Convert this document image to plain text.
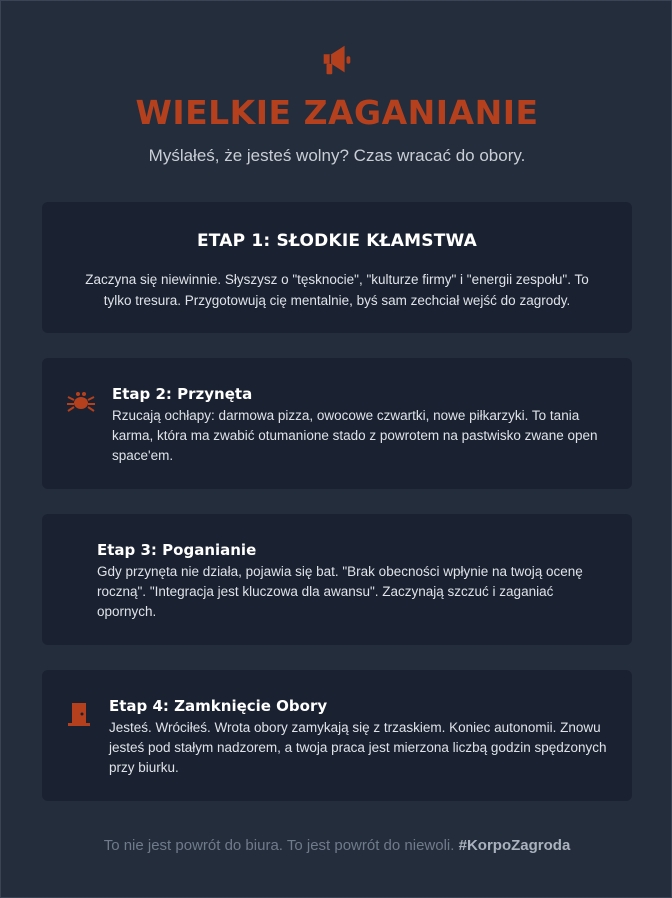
WIELKIE ZAGANIANIE
Myślałeś, że jesteś wolny? Czas wracać do obory.
ETAP 1: SŁODKIE KŁAMSTWA
Zaczyna się niewinnie. Słyszysz o "tęsknocie", "kulturze firmy" i "energii zespołu". To tylko tresura. Przygotowują cię mentalnie, byś sam zechciał wejść do zagrody.
Etap 2: Przynęta
Rzucają ochłapy: darmowa pizza, owocowe czwartki, nowe piłkarzyki. To tania karma, która ma zwabić otumanione stado z powrotem na pastwisko zwane open space'em.
Etap 3: Poganianie
Gdy przynęta nie działa, pojawia się bat. "Brak obecności wpłynie na twoją ocenę roczną". "Integracja jest kluczowa dla awansu". Zaczynają szczuć i zaganiać opornych.
Etap 4: Zamknięcie Obory
Jesteś. Wróciłeś. Wrota obory zamykają się z trzaskiem. Koniec autonomii. Znowu jesteś pod stałym nadzorem, a twoja praca jest mierzona liczbą godzin spędzonych przy biurku.
To nie jest powrót do biura. To jest powrót do niewoli. #KorpoZagroda
